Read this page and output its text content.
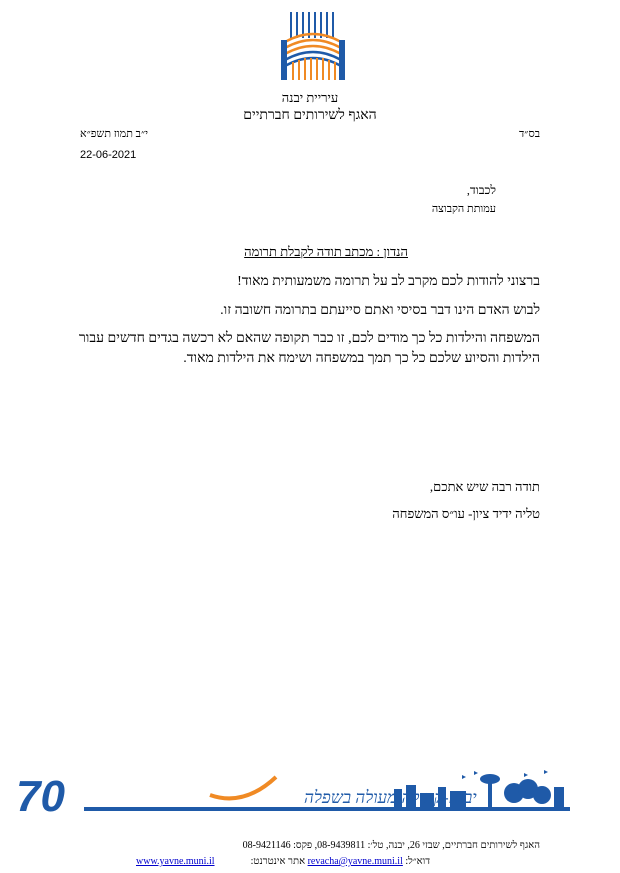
עיריית יבנה
האגף לשירותים חברתיים
בס״ד
י״ב תמוז תשפ״א
22-06-2021
לכבוד,
עמותת הקבוצה
הנדון : מכתב תודה לקבלת תרומה
ברצוני להודות לכם מקרב לב על תרומה משמעותית מאוד!
לבוש האדם הינו דבר בסיסי ואתם סייעתם בתרומה חשובה זו.
המשפחה והילדות כל כך מודים לכם, זו כבר תקופה שהאם לא רכשה בגדים חדשים עבור הילדות והסיוע שלכם כל כך תמך במשפחה ושימח את הילדות מאוד.
תודה רבה שיש אתכם,
טליה ידיד ציון- עו״ס המשפחה
70	יבנה-קהילה מעולה בשפלה
האגף לשירותים חברתיים, שבזי 26, יבנה, טל׳: 08-9439811, פקס: 08-9421146
דוא״ל: revacha@yavne.muni.il אתר אינטרנט:
www.yavne.muni.il
